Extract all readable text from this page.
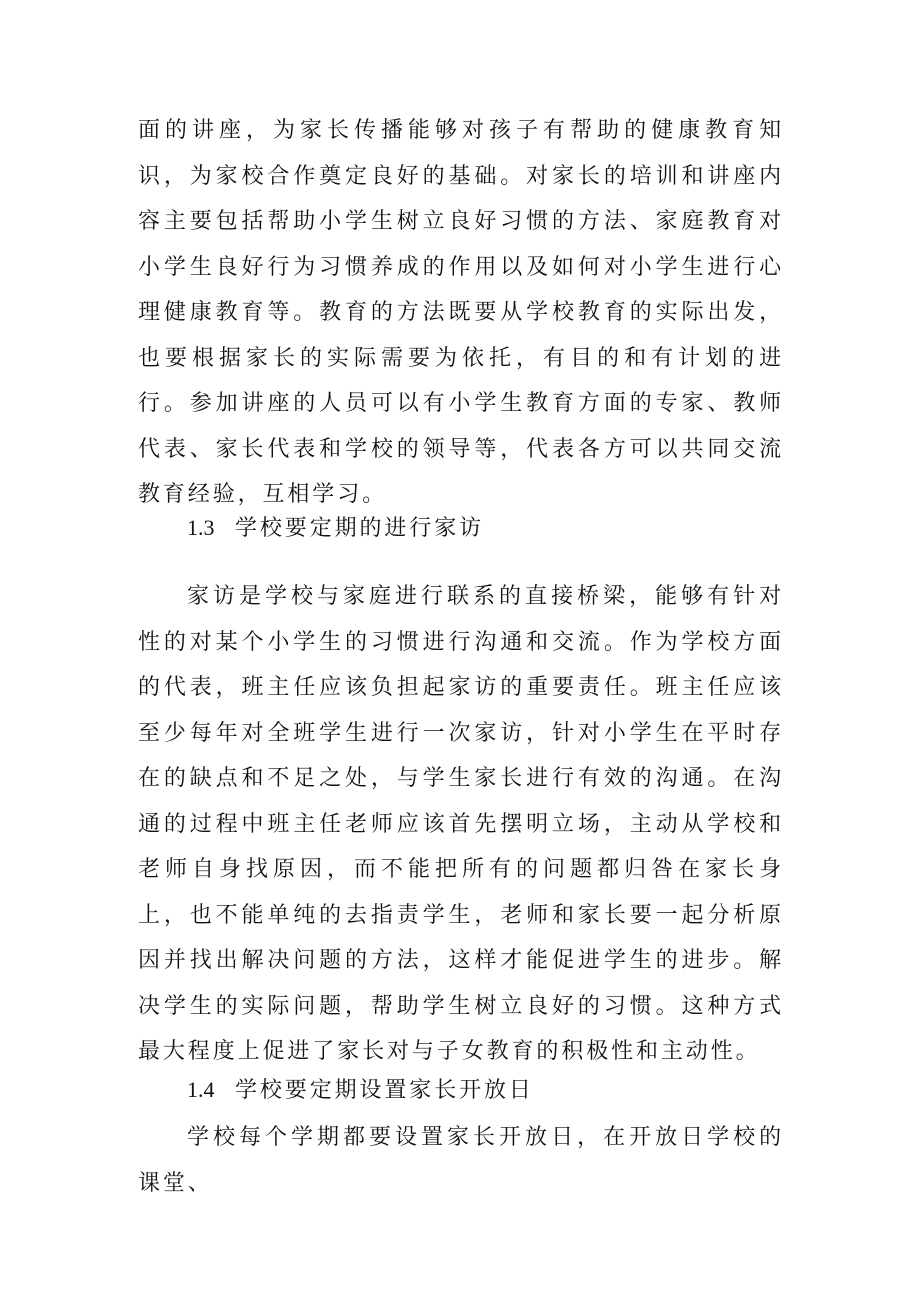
面的讲座，为家长传播能够对孩子有帮助的健康教育知识，为家校合作奠定良好的基础。对家长的培训和讲座内容主要包括帮助小学生树立良好习惯的方法、家庭教育对小学生良好行为习惯养成的作用以及如何对小学生进行心理健康教育等。教育的方法既要从学校教育的实际出发，也要根据家长的实际需要为依托，有目的和有计划的进行。参加讲座的人员可以有小学生教育方面的专家、教师代表、家长代表和学校的领导等，代表各方可以共同交流教育经验，互相学习。

1.3 学校要定期的进行家访

家访是学校与家庭进行联系的直接桥梁，能够有针对性的对某个小学生的习惯进行沟通和交流。作为学校方面的代表，班主任应该负担起家访的重要责任。班主任应该至少每年对全班学生进行一次家访，针对小学生在平时存在的缺点和不足之处，与学生家长进行有效的沟通。在沟通的过程中班主任老师应该首先摆明立场，主动从学校和老师自身找原因，而不能把所有的问题都归咎在家长身上，也不能单纯的去指责学生，老师和家长要一起分析原因并找出解决问题的方法，这样才能促进学生的进步。解决学生的实际问题，帮助学生树立良好的习惯。这种方式最大程度上促进了家长对与子女教育的积极性和主动性。

1.4 学校要定期设置家长开放日

学校每个学期都要设置家长开放日，在开放日学校的课堂、
